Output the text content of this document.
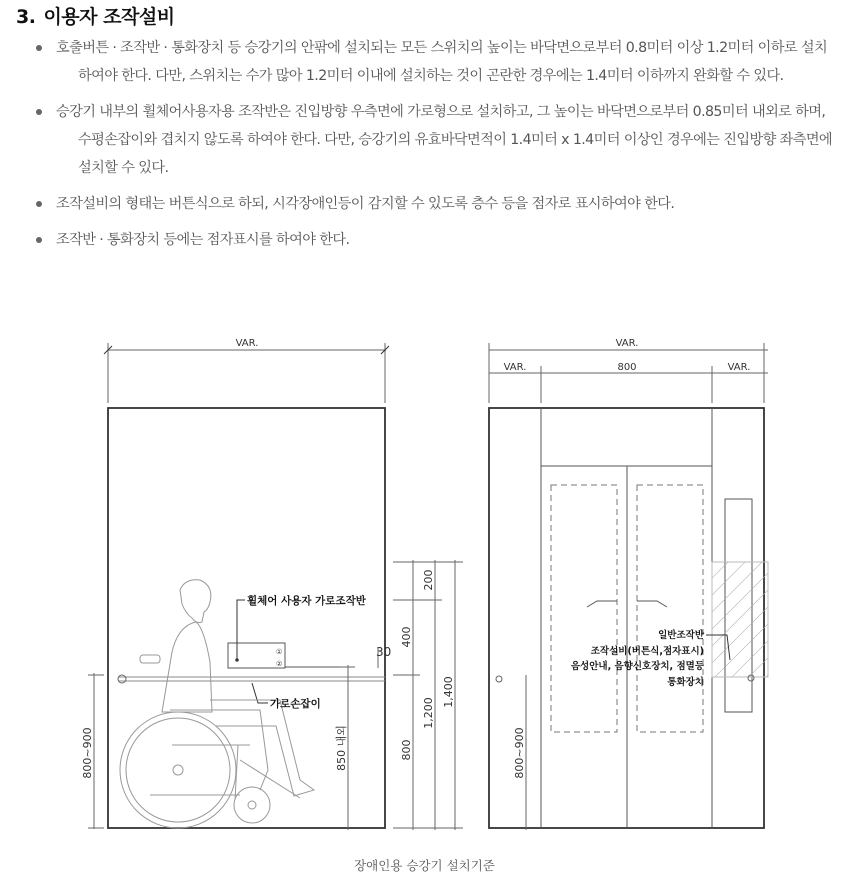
3. 이용자 조작설비
호출버튼 · 조작반 · 통화장치 등 승강기의 안팎에 설치되는 모든 스위치의 높이는 바닥면으로부터 0.8미터 이상 1.2미터 이하로 설치하여야 한다. 다만, 스위치는 수가 많아 1.2미터 이내에 설치하는 것이 곤란한 경우에는 1.4미터 이하까지 완화할 수 있다.
승강기 내부의 휠체어사용자용 조작반은 진입방향 우측면에 가로형으로 설치하고, 그 높이는 바닥면으로부터 0.85미터 내외로 하며, 수평손잡이와 겹치지 않도록 하여야 한다. 다만, 승강기의 유효바닥면적이 1.4미터 x 1.4미터 이상인 경우에는 진입방향 좌측면에 설치할 수 있다.
조작설비의 형태는 버튼식으로 하되, 시각장애인등이 감지할 수 있도록 층수 등을 점자로 표시하여야 한다.
조작반 · 통화장치 등에는 점자표시를 하여야 한다.
VAR.
휠체어 사용자 가로조작반
①
②
가로손잡이
30
800~900	850 내외
200
400
800
1,200
1,400
VAR.
VAR.	800	VAR.
일반조작반
조작설비(버튼식,점자표시)
음성안내, 음향신호장치, 점멸등
통화장치
800~900
장애인용 승강기 설치기준
